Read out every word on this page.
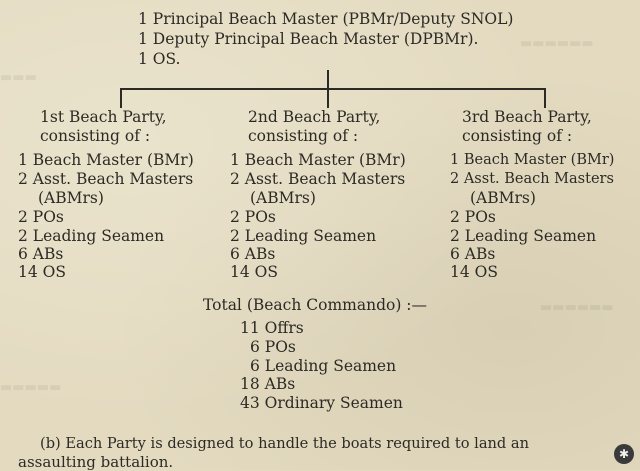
▬▬▬▬▬▬
▬▬▬
▬▬▬▬▬▬
▬▬▬▬▬
1 Principal Beach Master (PBMr/Deputy SNOL)
1 Deputy Principal Beach Master (DPBMr).
1 OS.
1st Beach Party,
consisting of :
1 Beach Master (BMr)
2 Asst. Beach Masters
(ABMrs)
2 POs
2 Leading Seamen
6 ABs
14 OS
2nd Beach Party,
consisting of :
1 Beach Master (BMr)
2 Asst. Beach Masters
(ABMrs)
2 POs
2 Leading Seamen
6 ABs
14 OS
3rd Beach Party,
consisting of :
1 Beach Master (BMr)
2 Asst. Beach Masters
(ABMrs)
2 POs
2 Leading Seamen
6 ABs
14 OS
Total (Beach Commando) :—
11 Offrs
6 POs
6 Leading Seamen
18 ABs
43 Ordinary Seamen
(b) Each Party is designed to handle the boats required to land an
assaulting battalion.	✱
